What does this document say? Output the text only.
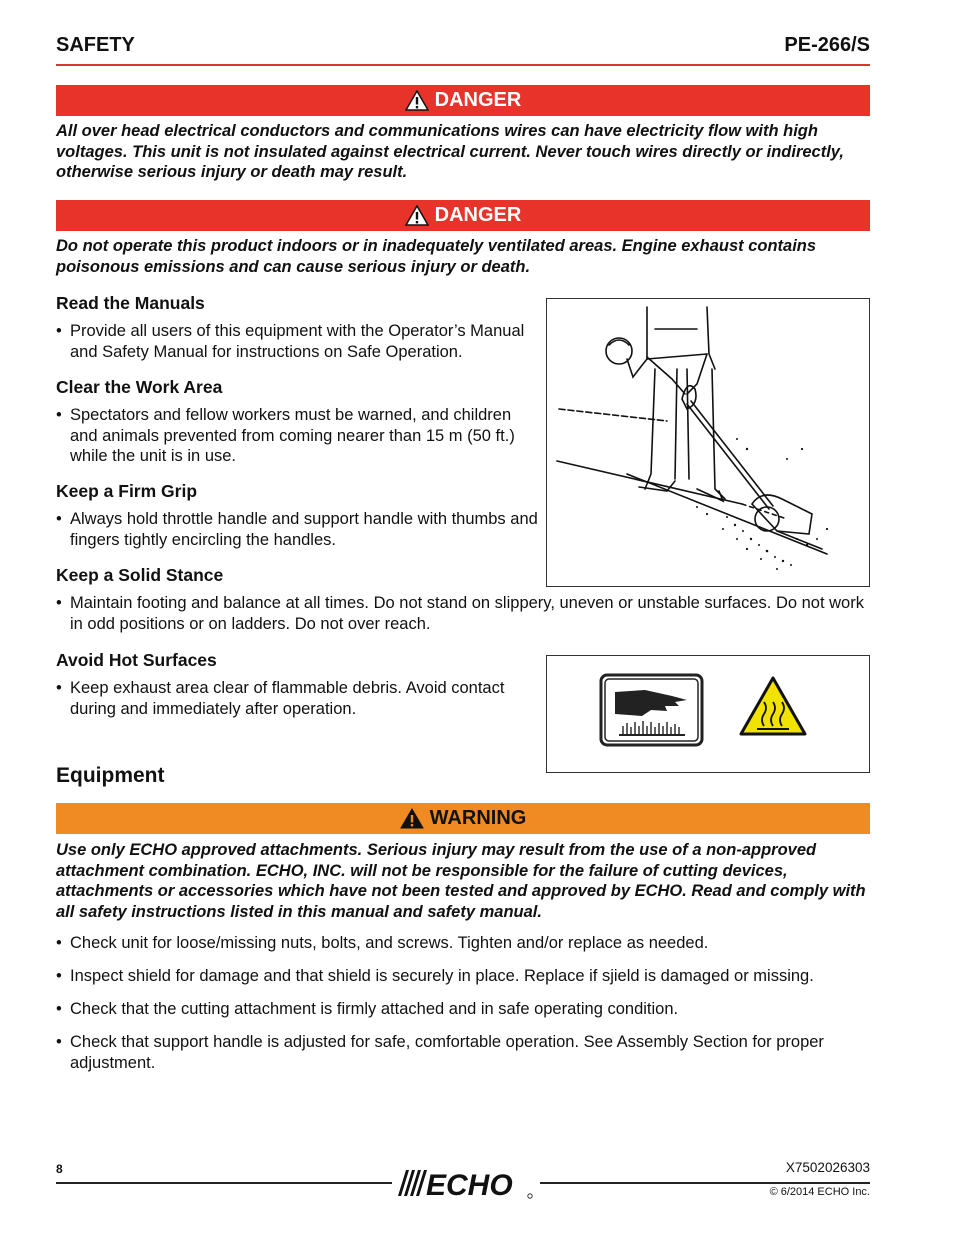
SAFETY	PE-266/S
DANGER
All over head electrical conductors and communications wires can have electricity flow with high voltages. This unit is not insulated against electrical current. Never touch wires directly or indirectly, otherwise serious injury or death may result.
DANGER
Do not operate this product indoors or in inadequately ventilated areas. Engine exhaust contains poisonous emissions and can cause serious injury or death.
Read the Manuals
• Provide all users of this equipment with the Operator’s Manual and Safety Manual for instructions on Safe Operation.
Clear the Work Area
• Spectators and fellow workers must be warned, and children and animals prevented from coming nearer than 15 m (50 ft.) while the unit is in use.
Keep a Firm Grip
• Always hold throttle handle and support handle with thumbs and fingers tightly encircling the handles.
Keep a Solid Stance
• Maintain footing and balance at all times. Do not stand on slippery, uneven or unstable surfaces. Do not work in odd positions or on ladders. Do not over reach.
Avoid Hot Surfaces
• Keep exhaust area clear of flammable debris. Avoid contact during and immediately after operation.
Equipment
WARNING
Use only ECHO approved attachments. Serious injury may result from the use of a non-approved attachment combination. ECHO, INC. will not be responsible for the failure of cutting devices, attachments or accessories which have not been tested and approved by ECHO. Read and comply with all safety instructions listed in this manual and safety manual.
• Check unit for loose/missing nuts, bolts, and screws. Tighten and/or replace as needed.
• Inspect shield for damage and that shield is securely in place. Replace if sjield is damaged or missing.
• Check that the cutting attachment is firmly attached and in safe operating condition.
• Check that support handle is adjusted for safe, comfortable operation. See Assembly Section for proper adjustment.
8	ECHO
X7502026303
© 6/2014 ECHO Inc.
